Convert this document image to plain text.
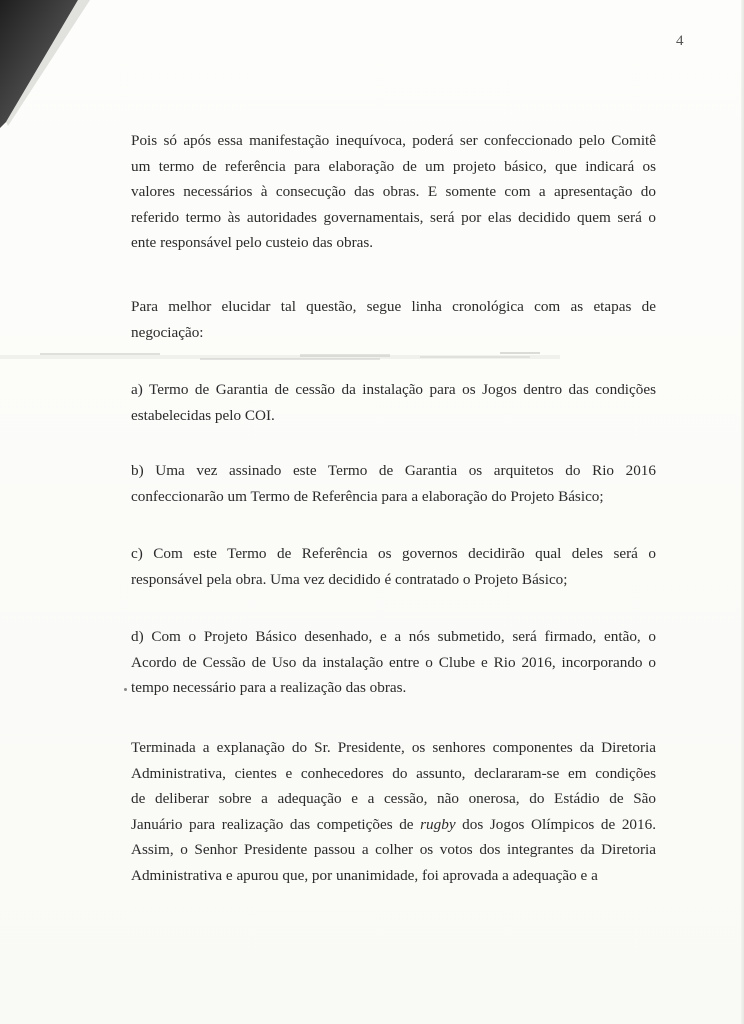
4

Pois só após essa manifestação inequívoca, poderá ser confeccionado pelo Comitê
um termo de referência para elaboração de um projeto básico, que indicará os
valores necessários à consecução das obras. E somente com a apresentação do
referido termo às autoridades governamentais, será por elas decidido quem será o
ente responsável pelo custeio das obras.

Para melhor elucidar tal questão, segue linha cronológica com as etapas de
negociação:

a) Termo de Garantia de cessão da instalação para os Jogos dentro das condições
estabelecidas pelo COI.

b) Uma vez assinado este Termo de Garantia os arquitetos do Rio 2016
confeccionarão um Termo de Referência para a elaboração do Projeto Básico;

c) Com este Termo de Referência os governos decidirão qual deles será o
responsável pela obra. Uma vez decidido é contratado o Projeto Básico;

d) Com o Projeto Básico desenhado, e a nós submetido, será firmado, então, o
Acordo de Cessão de Uso da instalação entre o Clube e Rio 2016, incorporando o
tempo necessário para a realização das obras.

Terminada a explanação do Sr. Presidente, os senhores componentes da Diretoria
Administrativa, cientes e conhecedores do assunto, declararam-se em condições
de deliberar sobre a adequação e a cessão, não onerosa, do Estádio de São
Januário para realização das competições de rugby dos Jogos Olímpicos de 2016.
Assim, o Senhor Presidente passou a colher os votos dos integrantes da Diretoria
Administrativa e apurou que, por unanimidade, foi aprovada a adequação e a
